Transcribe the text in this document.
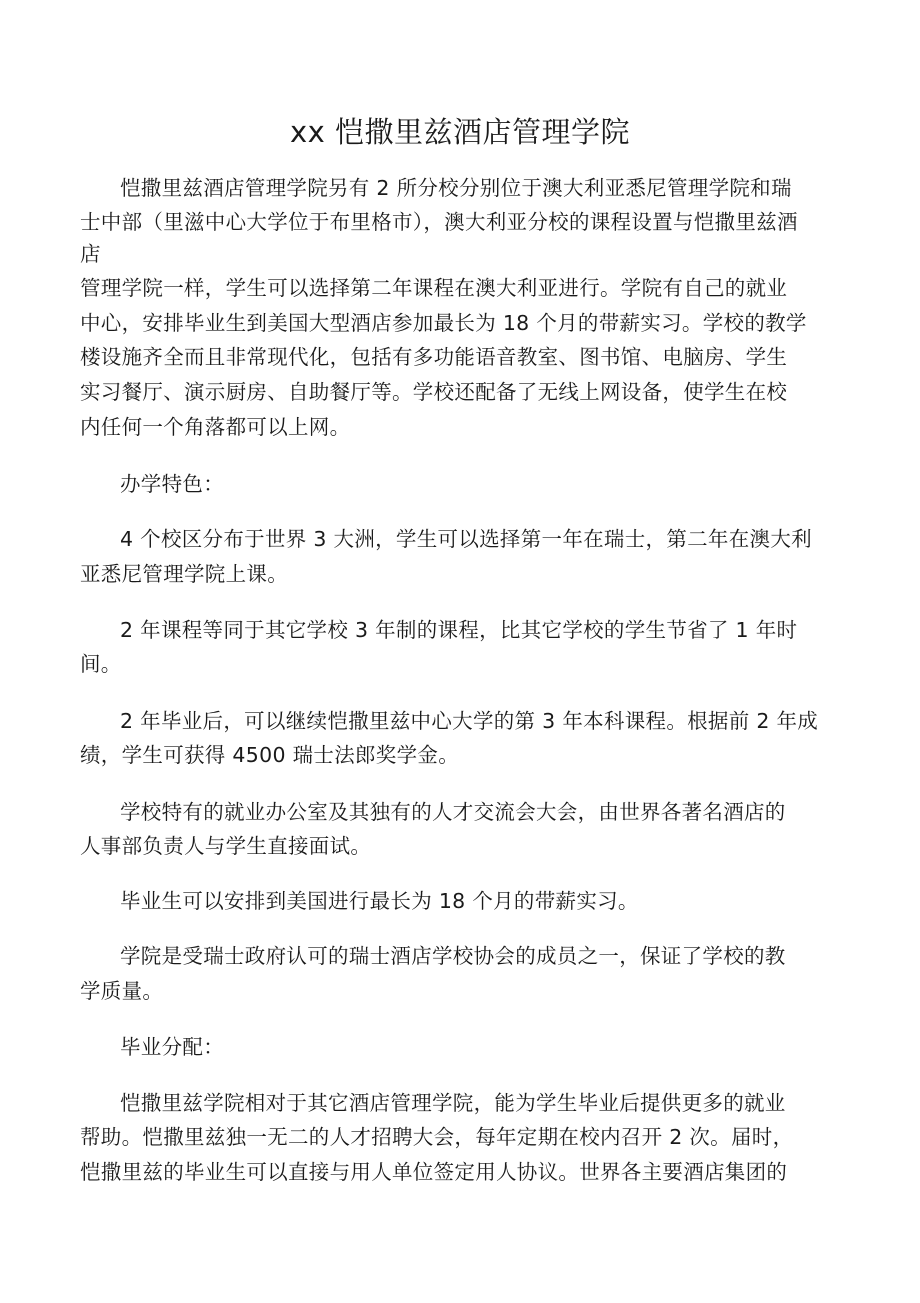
xx 恺撒里兹酒店管理学院
恺撒里兹酒店管理学院另有 2 所分校分别位于澳大利亚悉尼管理学院和瑞
士中部（里滋中心大学位于布里格市），澳大利亚分校的课程设置与恺撒里兹酒
店
管理学院一样，学生可以选择第二年课程在澳大利亚进行。学院有自己的就业
中心，安排毕业生到美国大型酒店参加最长为 18 个月的带薪实习。学校的教学
楼设施齐全而且非常现代化，包括有多功能语音教室、图书馆、电脑房、学生
实习餐厅、演示厨房、自助餐厅等。学校还配备了无线上网设备，使学生在校
内任何一个角落都可以上网。
办学特色：
4 个校区分布于世界 3 大洲，学生可以选择第一年在瑞士，第二年在澳大利
亚悉尼管理学院上课。
2 年课程等同于其它学校 3 年制的课程，比其它学校的学生节省了 1 年时
间。
2 年毕业后，可以继续恺撒里兹中心大学的第 3 年本科课程。根据前 2 年成
绩，学生可获得 4500 瑞士法郎奖学金。
学校特有的就业办公室及其独有的人才交流会大会，由世界各著名酒店的
人事部负责人与学生直接面试。
毕业生可以安排到美国进行最长为 18 个月的带薪实习。
学院是受瑞士政府认可的瑞士酒店学校协会的成员之一，保证了学校的教
学质量。
毕业分配：
恺撒里兹学院相对于其它酒店管理学院，能为学生毕业后提供更多的就业
帮助。恺撒里兹独一无二的人才招聘大会，每年定期在校内召开 2 次。届时，
恺撒里兹的毕业生可以直接与用人单位签定用人协议。世界各主要酒店集团的
